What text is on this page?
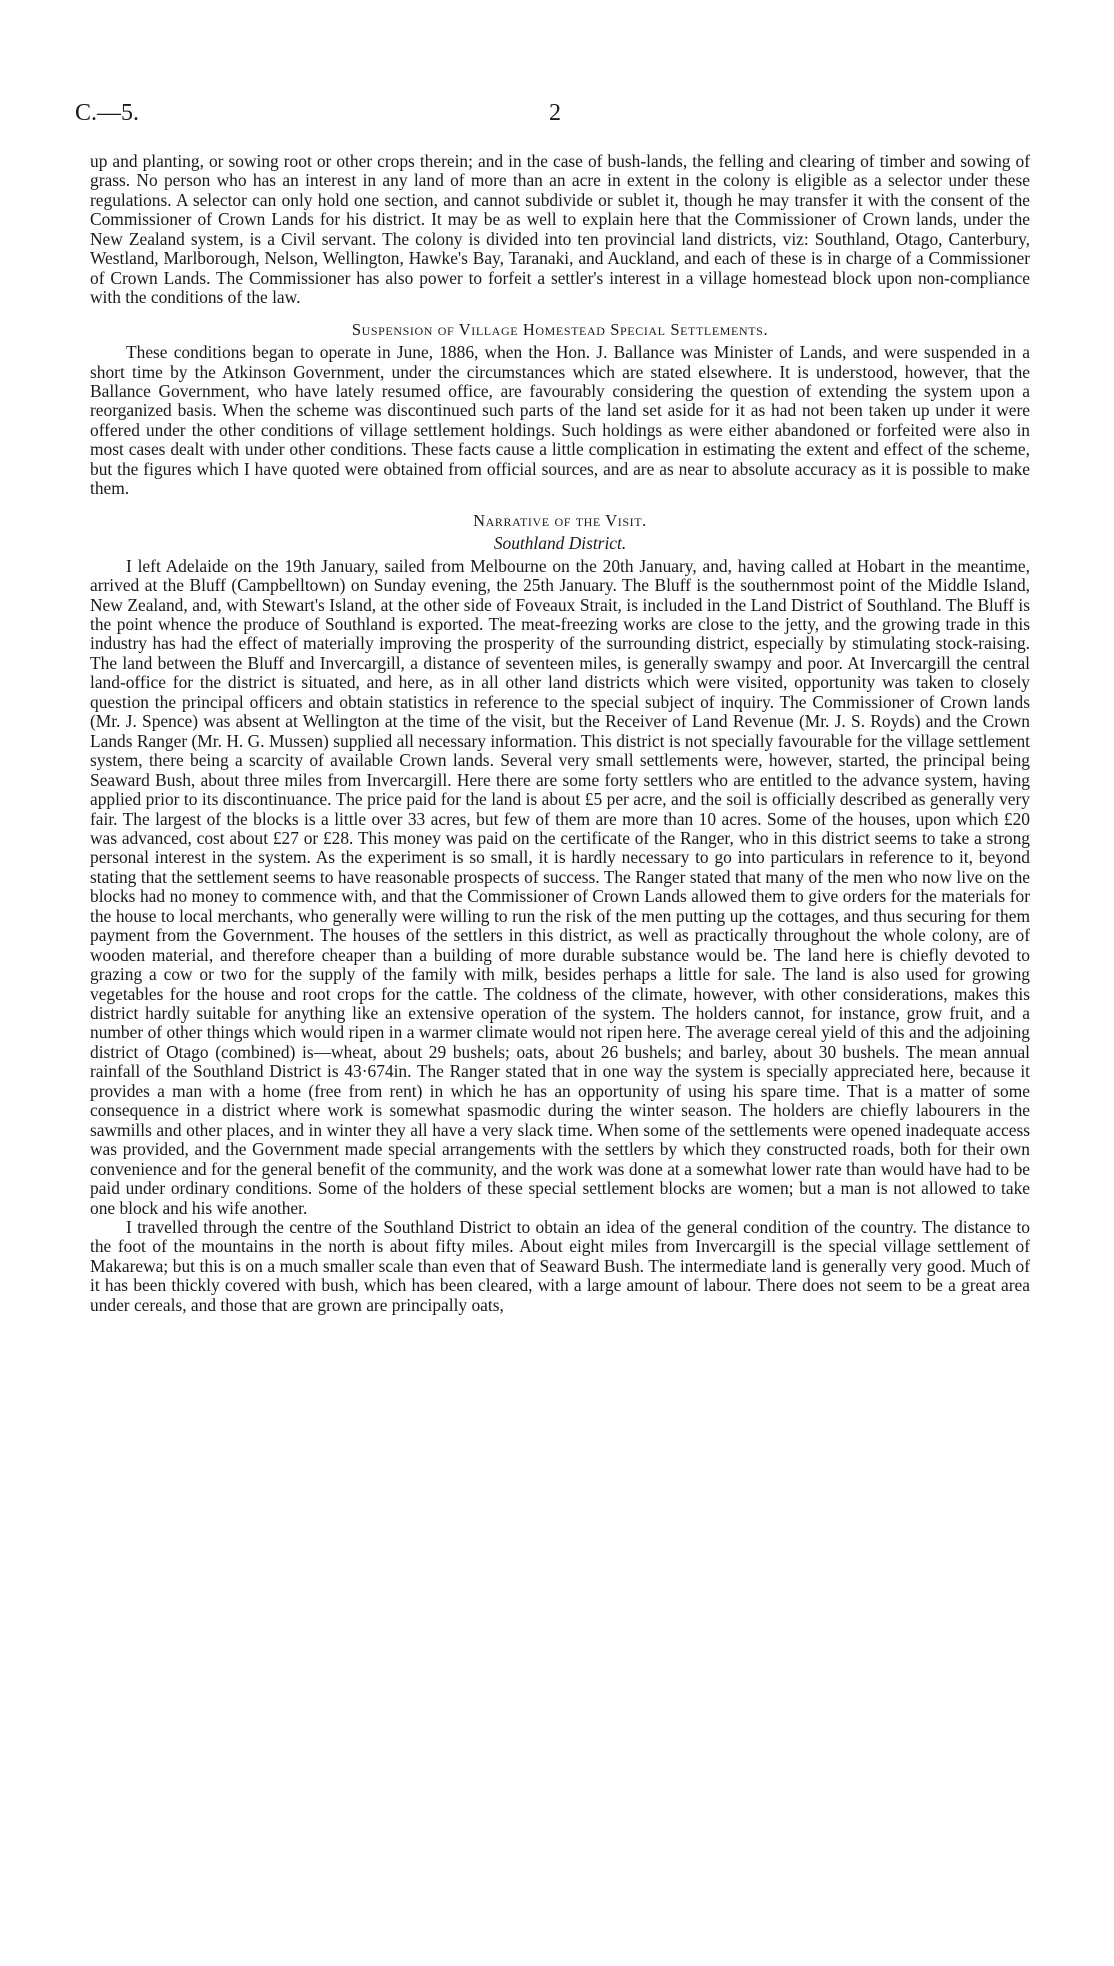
C.—5.	2

up and planting, or sowing root or other crops therein; and in the case of bush-lands, the felling and clearing of timber and sowing of grass. No person who has an interest in any land of more than an acre in extent in the colony is eligible as a selector under these regulations. A selector can only hold one section, and cannot subdivide or sublet it, though he may transfer it with the consent of the Commissioner of Crown Lands for his district. It may be as well to explain here that the Commissioner of Crown lands, under the New Zealand system, is a Civil servant. The colony is divided into ten provincial land districts, viz: Southland, Otago, Canterbury, Westland, Marlborough, Nelson, Wellington, Hawke's Bay, Taranaki, and Auckland, and each of these is in charge of a Commissioner of Crown Lands. The Commissioner has also power to forfeit a settler's interest in a village homestead block upon non-compliance with the conditions of the law.

Suspension of Village Homestead Special Settlements.

These conditions began to operate in June, 1886, when the Hon. J. Ballance was Minister of Lands, and were suspended in a short time by the Atkinson Government, under the circumstances which are stated elsewhere. It is understood, however, that the Ballance Government, who have lately resumed office, are favourably considering the question of extending the system upon a reorganized basis. When the scheme was discontinued such parts of the land set aside for it as had not been taken up under it were offered under the other conditions of village settlement holdings. Such holdings as were either abandoned or forfeited were also in most cases dealt with under other conditions. These facts cause a little complication in estimating the extent and effect of the scheme, but the figures which I have quoted were obtained from official sources, and are as near to absolute accuracy as it is possible to make them.

Narrative of the Visit.
Southland District.

I left Adelaide on the 19th January, sailed from Melbourne on the 20th January, and, having called at Hobart in the meantime, arrived at the Bluff (Campbelltown) on Sunday evening, the 25th January. The Bluff is the southernmost point of the Middle Island, New Zealand, and, with Stewart's Island, at the other side of Foveaux Strait, is included in the Land District of Southland. The Bluff is the point whence the produce of Southland is exported. The meat-freezing works are close to the jetty, and the growing trade in this industry has had the effect of materially improving the prosperity of the surrounding district, especially by stimulating stock-raising. The land between the Bluff and Invercargill, a distance of seventeen miles, is generally swampy and poor. At Invercargill the central land-office for the district is situated, and here, as in all other land districts which were visited, opportunity was taken to closely question the principal officers and obtain statistics in reference to the special subject of inquiry. The Commissioner of Crown lands (Mr. J. Spence) was absent at Wellington at the time of the visit, but the Receiver of Land Revenue (Mr. J. S. Royds) and the Crown Lands Ranger (Mr. H. G. Mussen) supplied all necessary information. This district is not specially favourable for the village settlement system, there being a scarcity of available Crown lands. Several very small settlements were, however, started, the principal being Seaward Bush, about three miles from Invercargill. Here there are some forty settlers who are entitled to the advance system, having applied prior to its discontinuance. The price paid for the land is about £5 per acre, and the soil is officially described as generally very fair. The largest of the blocks is a little over 33 acres, but few of them are more than 10 acres. Some of the houses, upon which £20 was advanced, cost about £27 or £28. This money was paid on the certificate of the Ranger, who in this district seems to take a strong personal interest in the system. As the experiment is so small, it is hardly necessary to go into particulars in reference to it, beyond stating that the settlement seems to have reasonable prospects of success. The Ranger stated that many of the men who now live on the blocks had no money to commence with, and that the Commissioner of Crown Lands allowed them to give orders for the materials for the house to local merchants, who generally were willing to run the risk of the men putting up the cottages, and thus securing for them payment from the Government. The houses of the settlers in this district, as well as practically throughout the whole colony, are of wooden material, and therefore cheaper than a building of more durable substance would be. The land here is chiefly devoted to grazing a cow or two for the supply of the family with milk, besides perhaps a little for sale. The land is also used for growing vegetables for the house and root crops for the cattle. The coldness of the climate, however, with other considerations, makes this district hardly suitable for anything like an extensive operation of the system. The holders cannot, for instance, grow fruit, and a number of other things which would ripen in a warmer climate would not ripen here. The average cereal yield of this and the adjoining district of Otago (combined) is—wheat, about 29 bushels; oats, about 26 bushels; and barley, about 30 bushels. The mean annual rainfall of the Southland District is 43·674in. The Ranger stated that in one way the system is specially appreciated here, because it provides a man with a home (free from rent) in which he has an opportunity of using his spare time. That is a matter of some consequence in a district where work is somewhat spasmodic during the winter season. The holders are chiefly labourers in the sawmills and other places, and in winter they all have a very slack time. When some of the settlements were opened inadequate access was provided, and the Government made special arrangements with the settlers by which they constructed roads, both for their own convenience and for the general benefit of the community, and the work was done at a somewhat lower rate than would have had to be paid under ordinary conditions. Some of the holders of these special settlement blocks are women; but a man is not allowed to take one block and his wife another.

I travelled through the centre of the Southland District to obtain an idea of the general condition of the country. The distance to the foot of the mountains in the north is about fifty miles. About eight miles from Invercargill is the special village settlement of Makarewa; but this is on a much smaller scale than even that of Seaward Bush. The intermediate land is generally very good. Much of it has been thickly covered with bush, which has been cleared, with a large amount of labour. There does not seem to be a great area under cereals, and those that are grown are principally oats,
